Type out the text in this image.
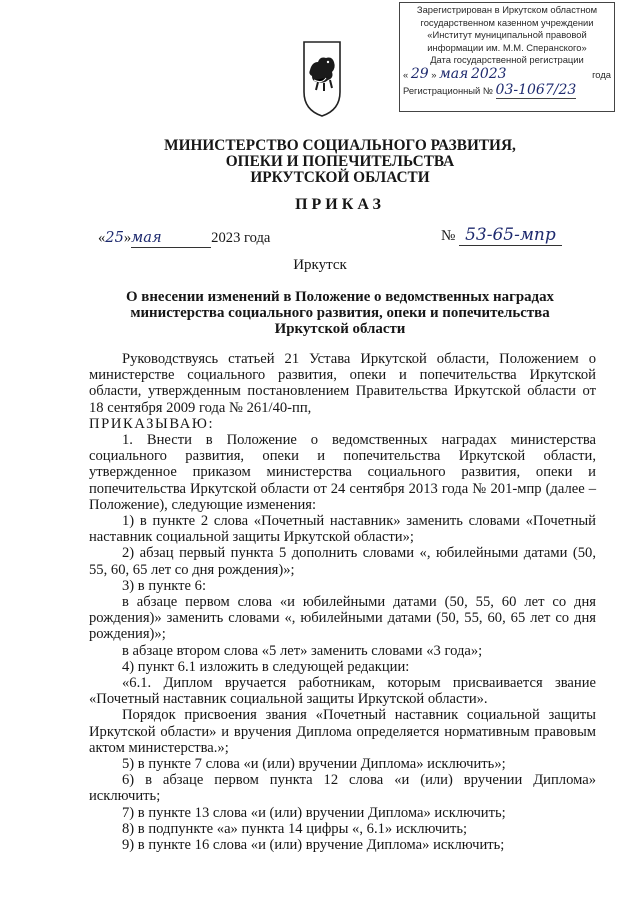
Зарегистрирован в Иркутском областном
государственном казенном учреждении
«Институт муниципальной правовой
информации им. М.М. Сперанского»
Дата государственной регистрации
« 29 » мая 2023	года
Регистрационный № 03-1067/23
МИНИСТЕРСТВО СОЦИАЛЬНОГО РАЗВИТИЯ,
ОПЕКИ И ПОПЕЧИТЕЛЬСТВА
ИРКУТСКОЙ ОБЛАСТИ
ПРИКАЗ
«25»мая	2023 года	№ 53-65-мпр
Иркутск
О внесении изменений в Положение о ведомственных наградах
министерства социального развития, опеки и попечительства
Иркутской области

Руководствуясь статьей 21 Устава Иркутской области, Положением о министерстве социального развития, опеки и попечительства Иркутской области, утвержденным постановлением Правительства Иркутской области от 18 сентября 2009 года № 261/40-пп,

ПРИКАЗЫВАЮ:

1. Внести в Положение о ведомственных наградах министерства социального развития, опеки и попечительства Иркутской области, утвержденное приказом министерства социального развития, опеки и попечительства Иркутской области от 24 сентября 2013 года № 201-мпр (далее – Положение), следующие изменения:

1) в пункте 2 слова «Почетный наставник» заменить словами «Почетный наставник социальной защиты Иркутской области»;

2) абзац первый пункта 5 дополнить словами «, юбилейными датами (50, 55, 60, 65 лет со дня рождения)»;

3) в пункте 6:

в абзаце первом слова «и юбилейными датами (50, 55, 60 лет со дня рождения)» заменить словами «, юбилейными датами (50, 55, 60, 65 лет со дня рождения)»;

в абзаце втором слова «5 лет» заменить словами «3 года»;

4) пункт 6.1 изложить в следующей редакции:

«6.1. Диплом вручается работникам, которым присваивается звание «Почетный наставник социальной защиты Иркутской области».

Порядок присвоения звания «Почетный наставник социальной защиты Иркутской области» и вручения Диплома определяется нормативным правовым актом министерства.»;

5) в пункте 7 слова «и (или) вручении Диплома» исключить»;

6) в абзаце первом пункта 12 слова «и (или) вручении Диплома» исключить;

7) в пункте 13 слова «и (или) вручении Диплома» исключить;

8) в подпункте «а» пункта 14 цифры «, 6.1» исключить;

9) в пункте 16 слова «и (или) вручение Диплома» исключить;
